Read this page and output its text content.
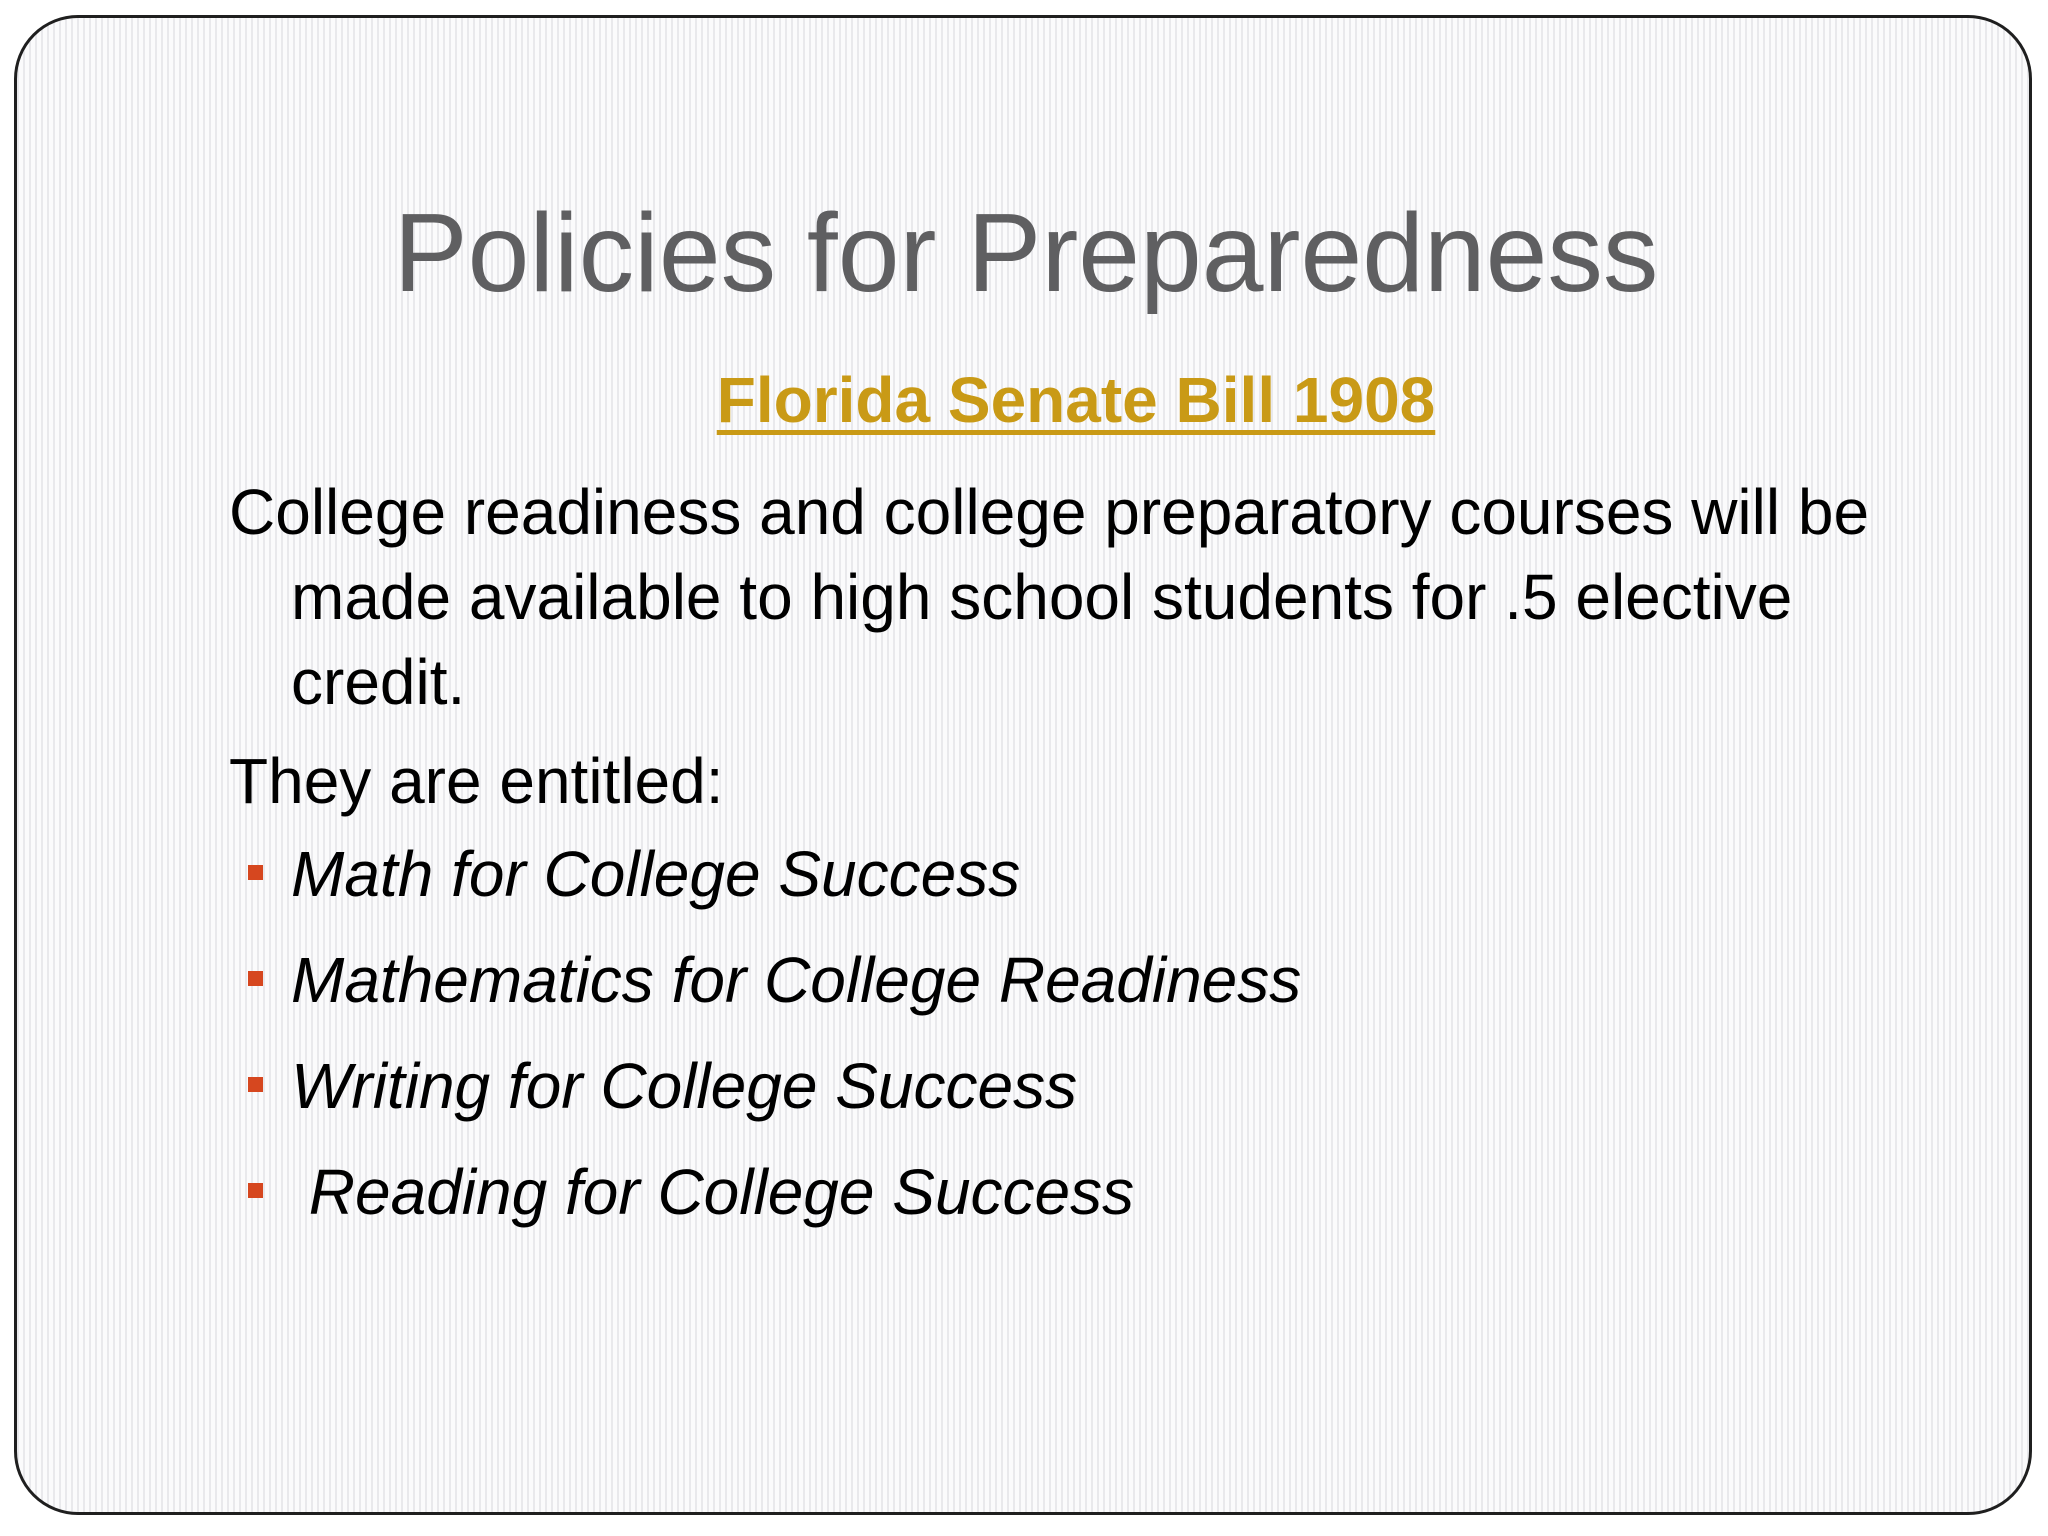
Policies for Preparedness
Florida Senate Bill 1908

College readiness and college preparatory courses will be made available to high school students for .5 elective credit.

They are entitled:

Math for College Success
Mathematics for College Readiness
Writing for College Success
Reading for College Success
